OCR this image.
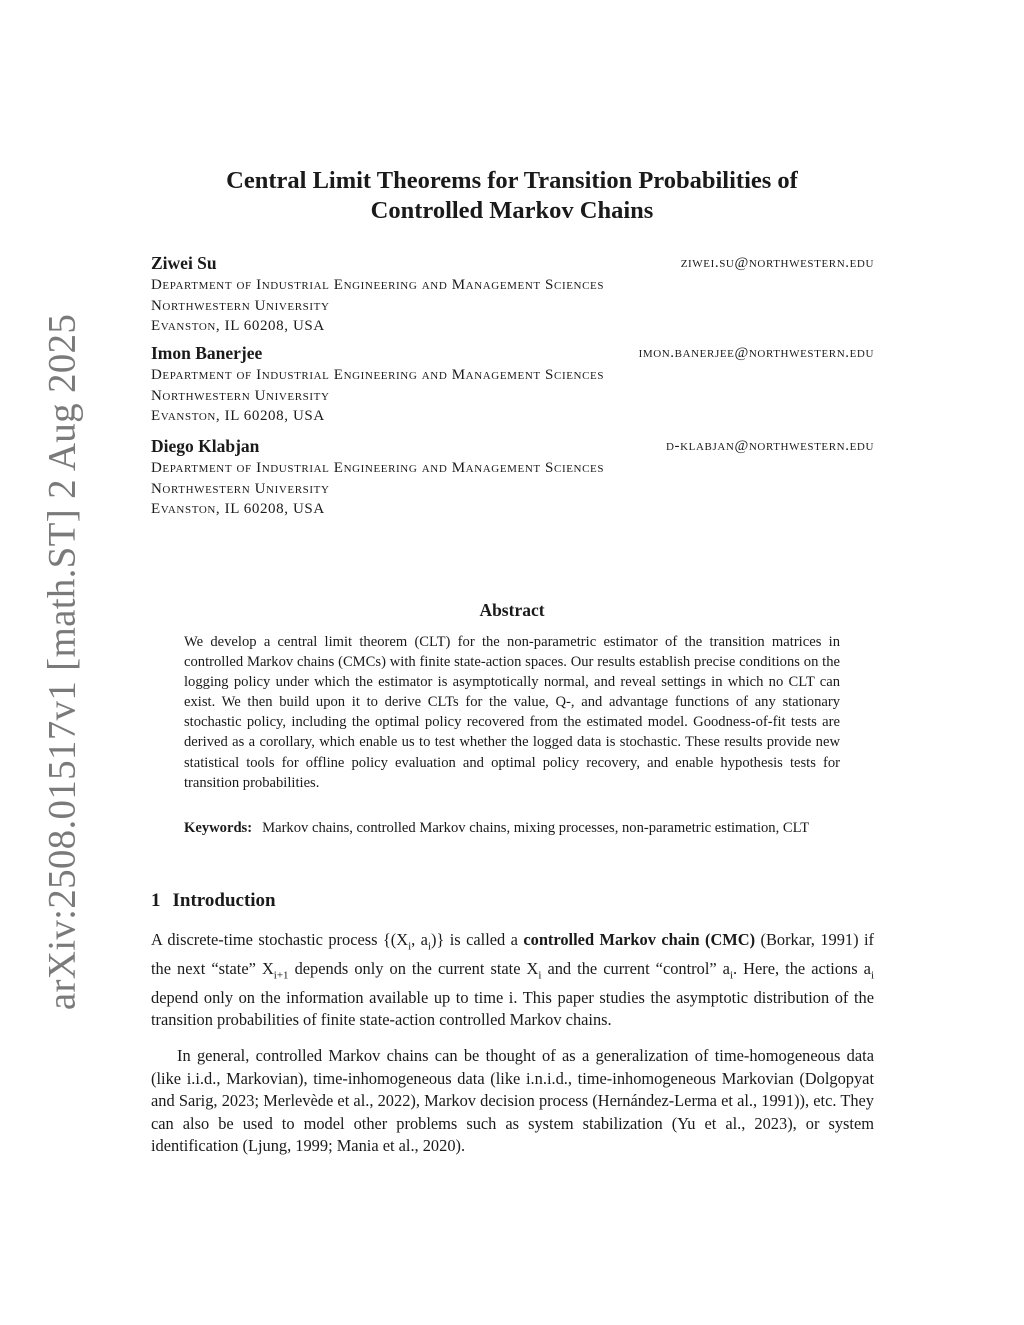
arXiv:2508.01517v1 [math.ST] 2 Aug 2025
Central Limit Theorems for Transition Probabilities of
Controlled Markov Chains
Ziwei Su	ziwei.su@northwestern.edu
Department of Industrial Engineering and Management Sciences
Northwestern University
Evanston, IL 60208, USA
Imon Banerjee	imon.banerjee@northwestern.edu
Department of Industrial Engineering and Management Sciences
Northwestern University
Evanston, IL 60208, USA
Diego Klabjan	d-klabjan@northwestern.edu
Department of Industrial Engineering and Management Sciences
Northwestern University
Evanston, IL 60208, USA
Abstract

We develop a central limit theorem (CLT) for the non-parametric estimator of the transition matrices in controlled Markov chains (CMCs) with finite state-action spaces. Our results establish precise conditions on the logging policy under which the estimator is asymptotically normal, and reveal settings in which no CLT can exist. We then build upon it to derive CLTs for the value, Q-, and advantage functions of any stationary stochastic policy, including the optimal policy recovered from the estimated model. Goodness-of-fit tests are derived as a corollary, which enable us to test whether the logged data is stochastic. These results provide new statistical tools for offline policy evaluation and optimal policy recovery, and enable hypothesis tests for transition probabilities.

Keywords: Markov chains, controlled Markov chains, mixing processes, non-parametric estimation, CLT

1 Introduction

A discrete-time stochastic process {($X_i$, $a_i$)} is called a controlled Markov chain (CMC) (Borkar, 1991) if the next “state” $X_{i+1}$ depends only on the current state $X_i$ and the current “control” $a_i$. Here, the actions $a_i$ depend only on the information available up to time i. This paper studies the asymptotic distribution of the transition probabilities of finite state-action controlled Markov chains.

In general, controlled Markov chains can be thought of as a generalization of time-homogeneous data (like i.i.d., Markovian), time-inhomogeneous data (like i.n.i.d., time-inhomogeneous Markovian (Dolgopyat and Sarig, 2023; Merlevède et al., 2022), Markov decision process (Hernández-Lerma et al., 1991)), etc. They can also be used to model other problems such as system stabilization (Yu et al., 2023), or system identification (Ljung, 1999; Mania et al., 2020).
